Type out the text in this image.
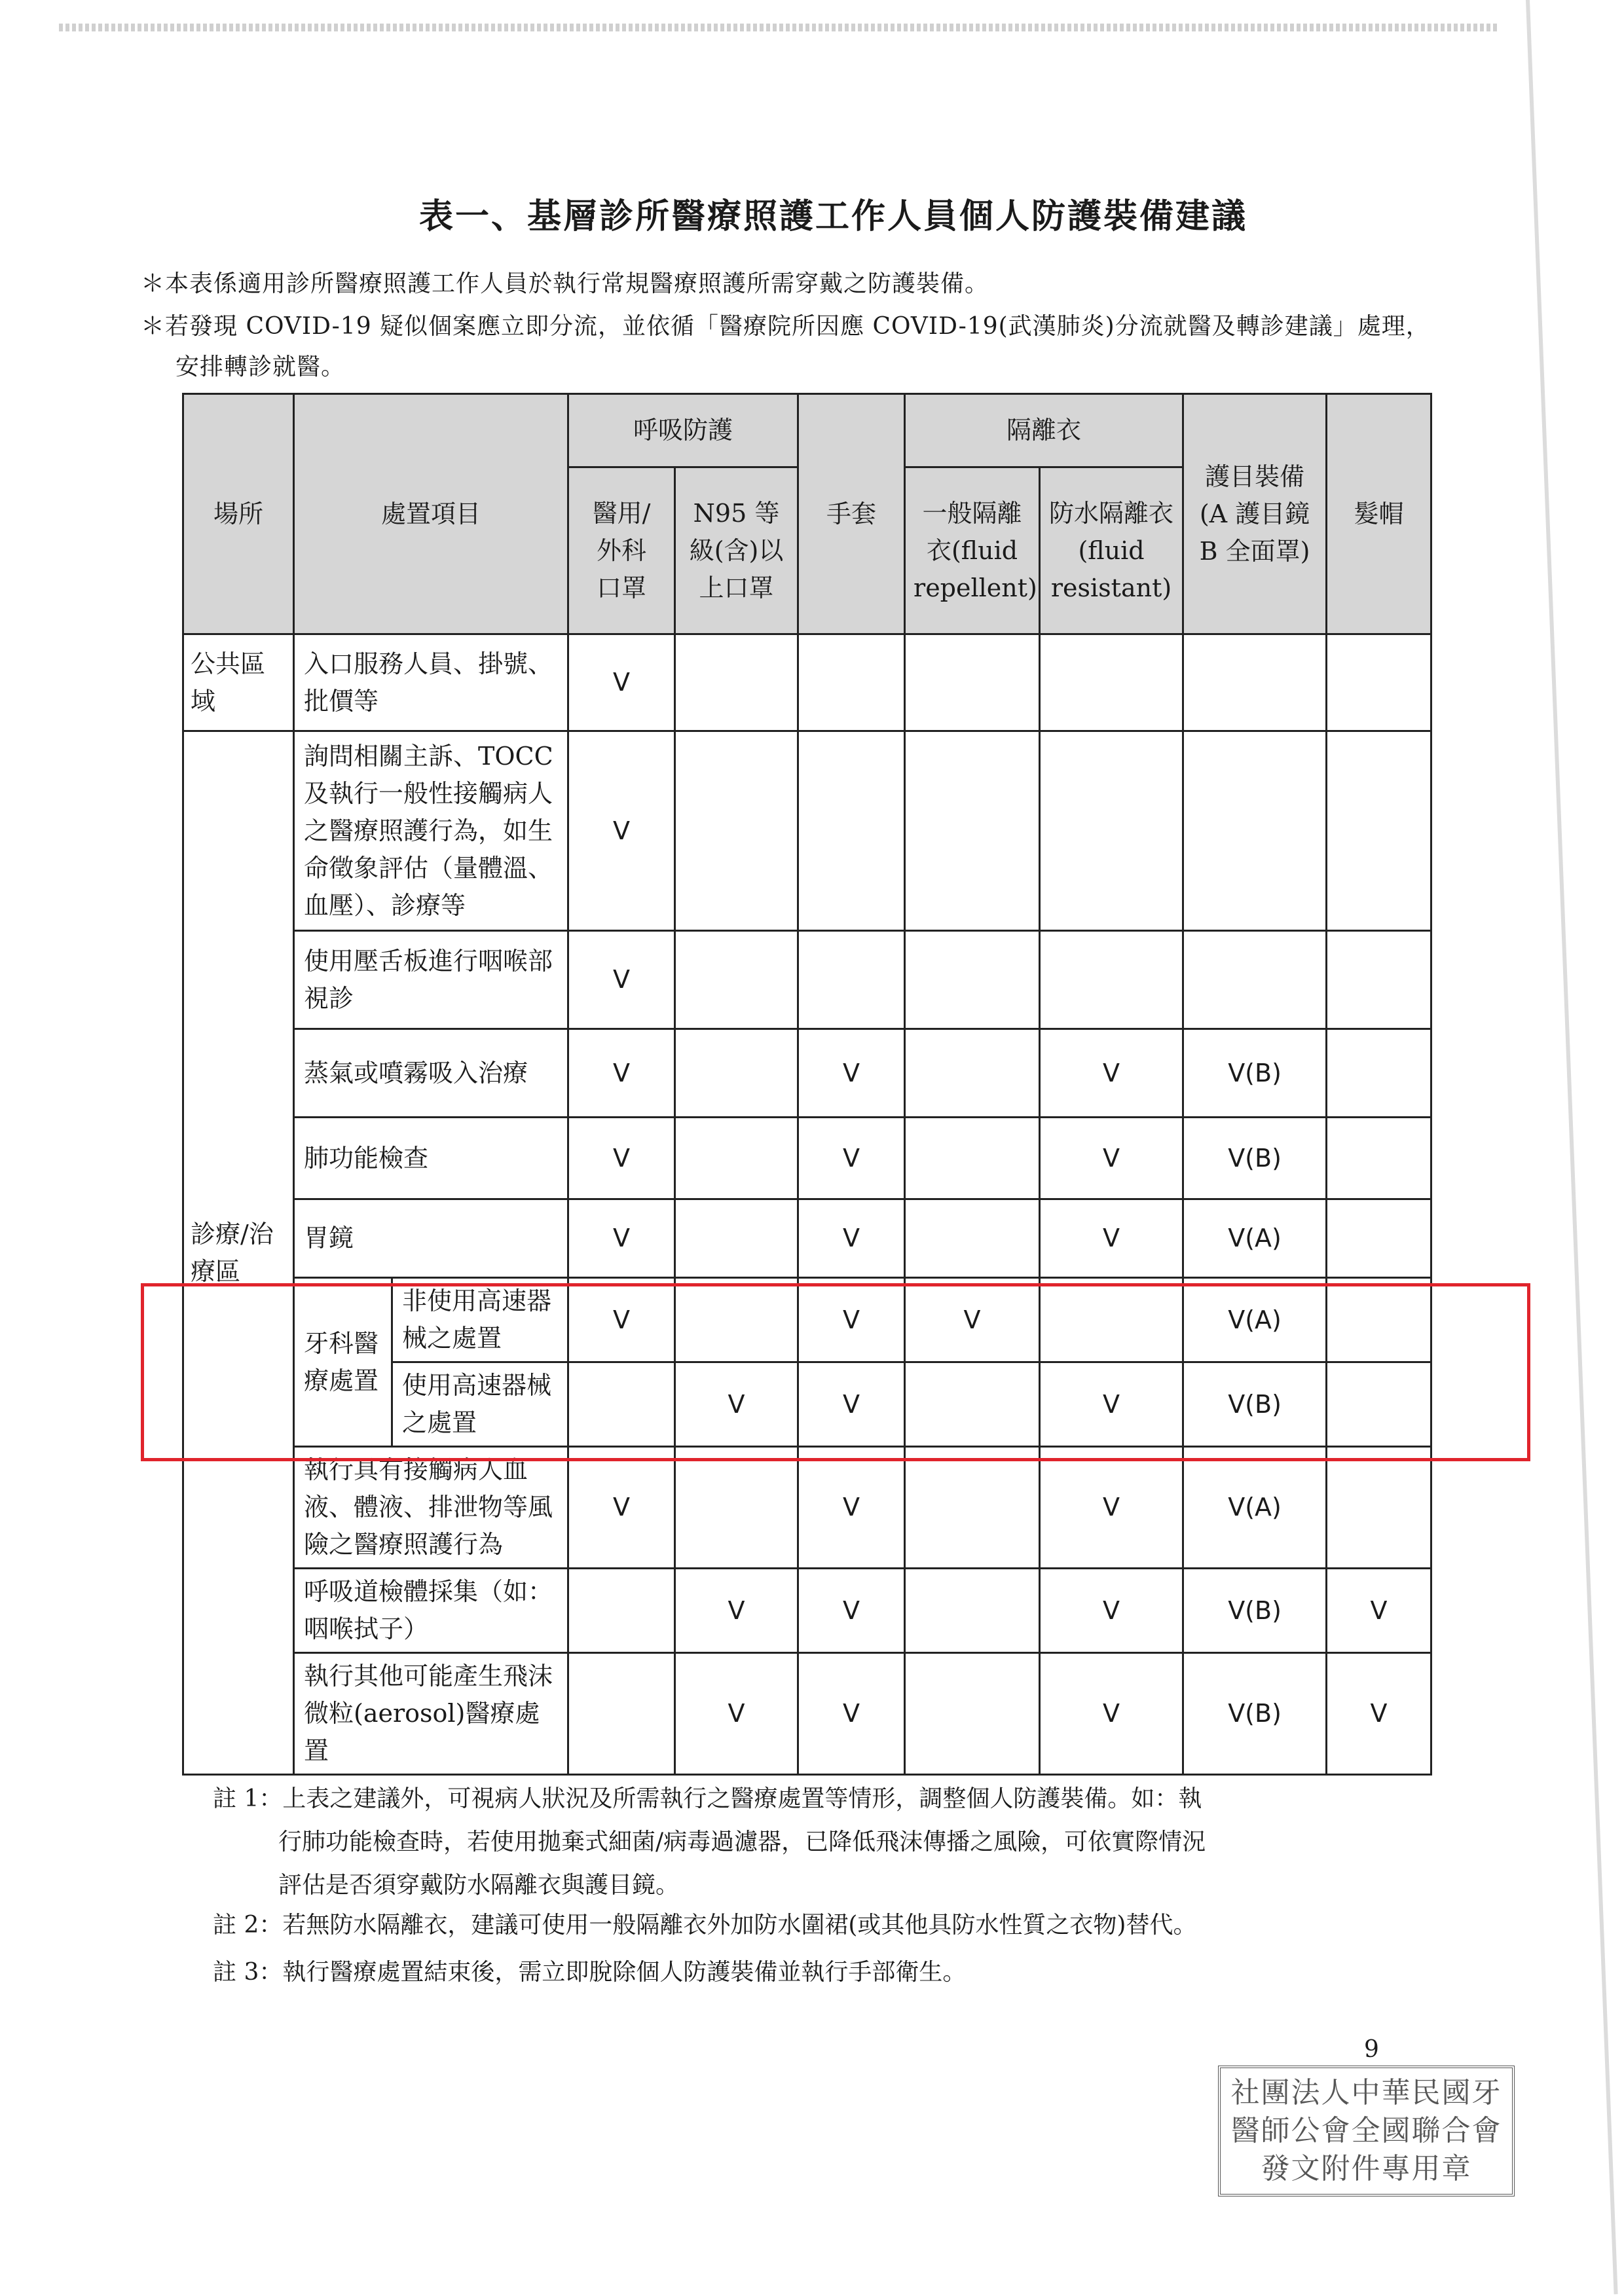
表一、基層診所醫療照護工作人員個人防護裝備建議
＊本表係適用診所醫療照護工作人員於執行常規醫療照護所需穿戴之防護裝備。
＊若發現 COVID-19 疑似個案應立即分流，並依循「醫療院所因應 COVID-19(武漢肺炎)分流就醫及轉診建議」處理，
安排轉診就醫。
場所	處置項目		呼吸防護		手套	隔離衣		護目裝備(A 護目鏡 B 全面罩)	髮帽
			醫用/外科口罩	N95 等級(含)以上口罩		一般隔離衣(fluid repellent)	防水隔離衣(fluid resistant)		
公共區域	入口服務人員、掛號、批價等		V						
診療/治療區	詢問相關主訴、TOCC及執行一般性接觸病人之醫療照護行為，如生命徵象評估（量體溫、血壓）、診療等		V						
	使用壓舌板進行咽喉部視診		V						
	蒸氣或噴霧吸入治療		V		V		V	V(B)	
	肺功能檢查		V		V		V	V(B)	
	胃鏡		V		V		V	V(A)	
	牙科醫療處置	非使用高速器械之處置	V		V	V		V(A)	
		使用高速器械之處置		V	V		V	V(B)	
	執行具有接觸病人血液、體液、排泄物等風險之醫療照護行為		V		V		V	V(A)	
	呼吸道檢體採集（如：咽喉拭子）			V	V		V	V(B)	V
	執行其他可能產生飛沫微粒(aerosol)醫療處置			V	V		V	V(B)	V
註 1：上表之建議外，可視病人狀況及所需執行之醫療處置等情形，調整個人防護裝備。如：執
行肺功能檢查時，若使用拋棄式細菌/病毒過濾器，已降低飛沫傳播之風險，可依實際情況
評估是否須穿戴防水隔離衣與護目鏡。
註 2：若無防水隔離衣，建議可使用一般隔離衣外加防水圍裙(或其他具防水性質之衣物)替代。
註 3：執行醫療處置結束後，需立即脫除個人防護裝備並執行手部衛生。
9
社團法人中華民國牙
醫師公會全國聯合會
發文附件專用章
